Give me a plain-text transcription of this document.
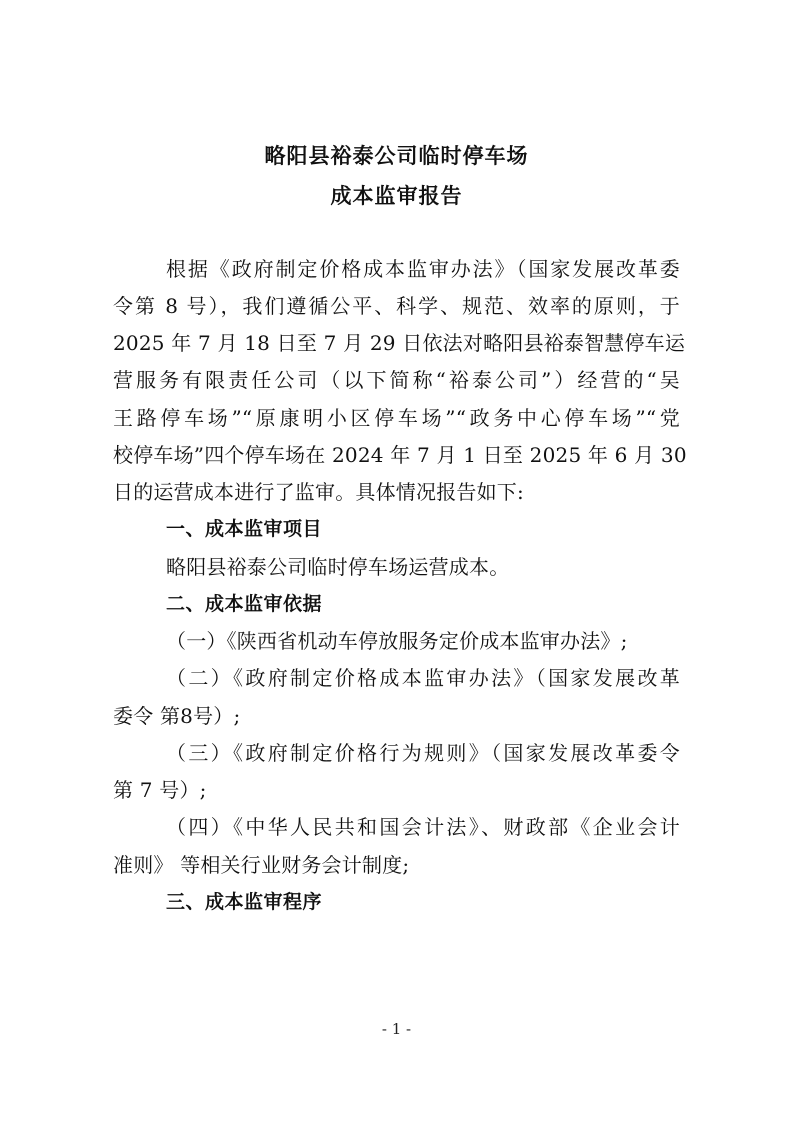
略阳县裕泰公司临时停车场
成本监审报告
根据《政府制定价格成本监审办法》（国家发展改革委
令第 8 号），我们遵循公平、科学、规范、效率的原则，于
2025 年 7 月 18 日至 7 月 29 日依法对略阳县裕泰智慧停车运
营服务有限责任公司（以下简称“裕泰公司”）经营的“吴
王路停车场”“原康明小区停车场”“政务中心停车场”“党
校停车场”四个停车场在 2024 年 7 月 1 日至 2025 年 6 月 30
日的运营成本进行了监审。具体情况报告如下:
一、成本监审项目
略阳县裕泰公司临时停车场运营成本。
二、成本监审依据
（一）《陕西省机动车停放服务定价成本监审办法》;
（二）《政府制定价格成本监审办法》（国家发展改革
委令 第8号）;
（三）《政府制定价格行为规则》（国家发展改革委令
第 7 号）;
（四）《中华人民共和国会计法》、财政部《企业会计
准则》 等相关行业财务会计制度;
三、成本监审程序
- 1 -
